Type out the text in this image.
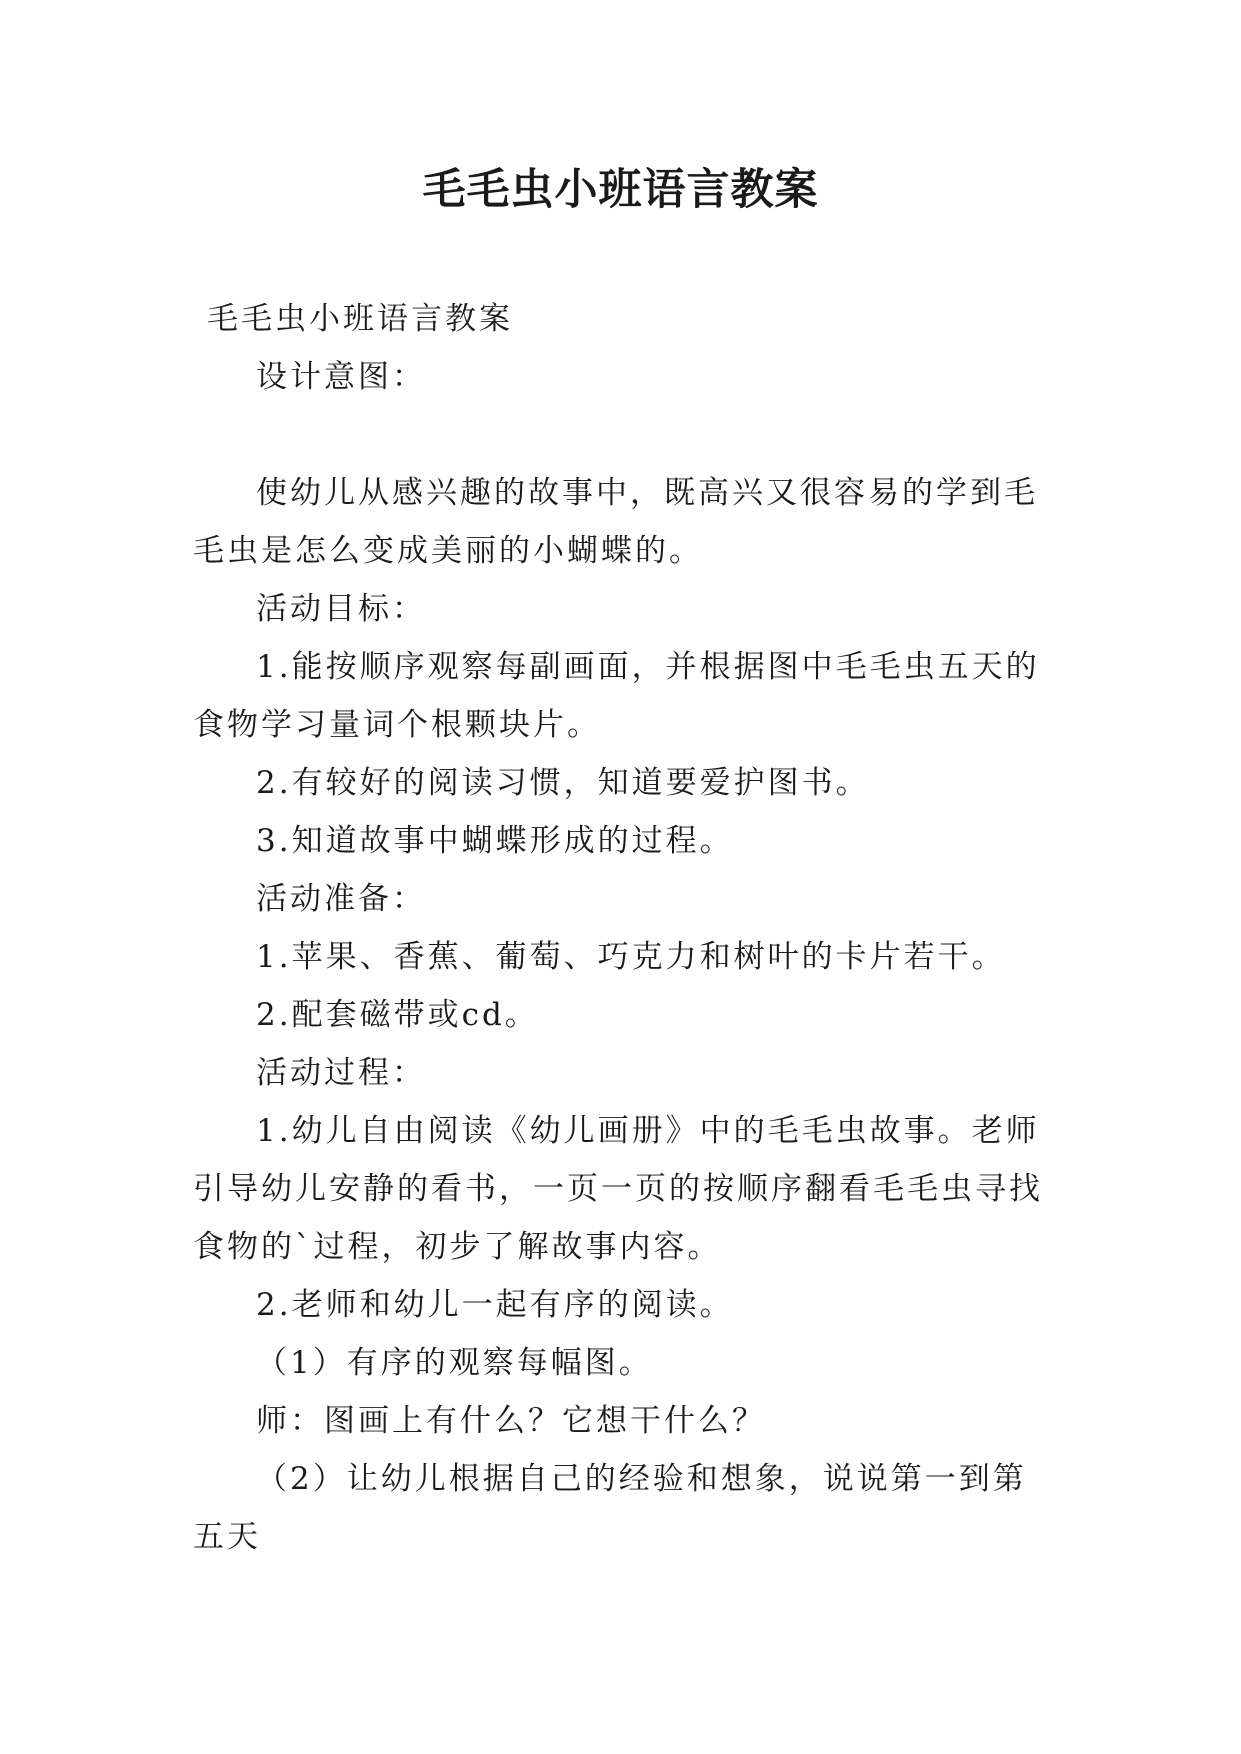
毛毛虫小班语言教案

毛毛虫小班语言教案

设计意图：

使幼儿从感兴趣的故事中，既高兴又很容易的学到毛毛虫是怎么变成美丽的小蝴蝶的。

活动目标：

1.能按顺序观察每副画面，并根据图中毛毛虫五天的食物学习量词个根颗块片。

2.有较好的阅读习惯，知道要爱护图书。

3.知道故事中蝴蝶形成的过程。

活动准备：

1.苹果、香蕉、葡萄、巧克力和树叶的卡片若干。

2.配套磁带或cd。

活动过程：

1.幼儿自由阅读《幼儿画册》中的毛毛虫故事。老师引导幼儿安静的看书，一页一页的按顺序翻看毛毛虫寻找食物的`过程，初步了解故事内容。

2.老师和幼儿一起有序的阅读。

（1）有序的观察每幅图。

师：图画上有什么？它想干什么？

（2）让幼儿根据自己的经验和想象，说说第一到第五天
